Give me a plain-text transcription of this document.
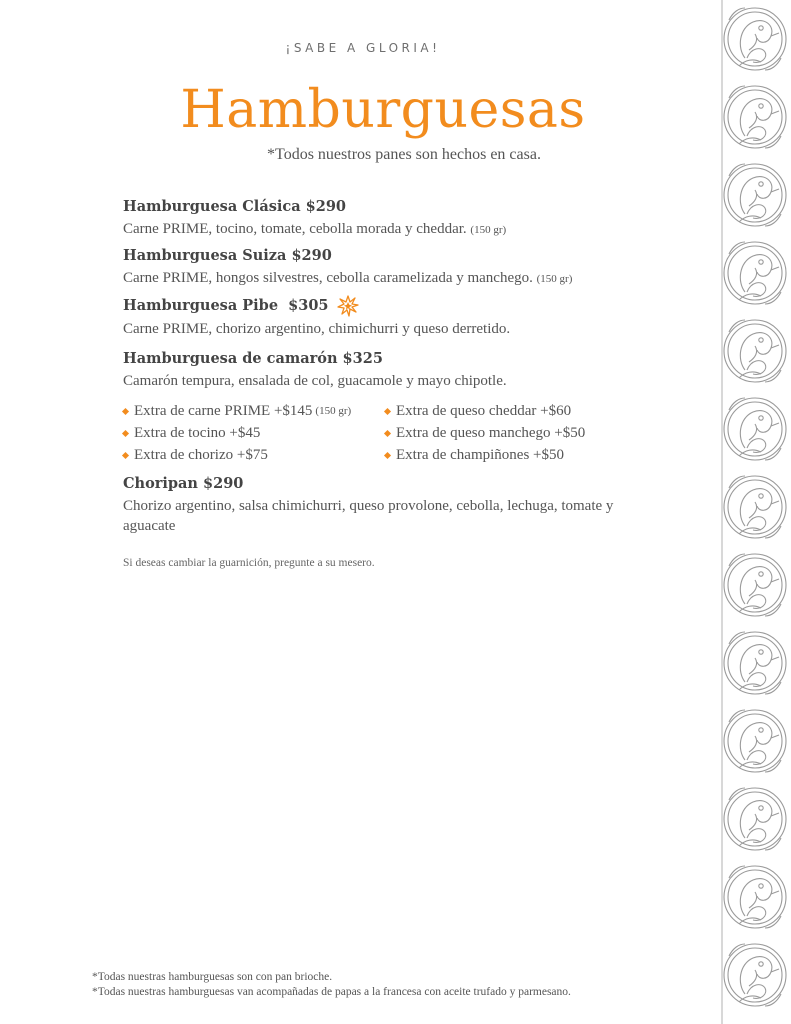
¡SABE A GLORIA!
Hamburguesas
*Todos nuestros panes son hechos en casa.

Hamburguesa Clásica $290

Carne PRIME, tocino, tomate, cebolla morada y cheddar. (150 gr)

Hamburguesa Suiza $290

Carne PRIME, hongos silvestres, cebolla caramelizada y manchego. (150 gr)

Hamburguesa Pibe  $305

Carne PRIME, chorizo argentino, chimichurri y queso derretido.

Hamburguesa de camarón $325

Camarón tempura, ensalada de col, guacamole y mayo chipotle.

Extra de carne PRIME +$145 (150 gr)	Extra de queso cheddar +$60
Extra de tocino +$45	Extra de queso manchego +$50
Extra de chorizo +$75	Extra de champiñones +$50

Choripan $290

Chorizo argentino, salsa chimichurri, queso provolone, cebolla, lechuga, tomate y aguacate

Si deseas cambiar la guarnición, pregunte a su mesero.
*Todas nuestras hamburguesas son con pan brioche.
*Todas nuestras hamburguesas van acompañadas de papas a la francesa con aceite trufado y parmesano.
